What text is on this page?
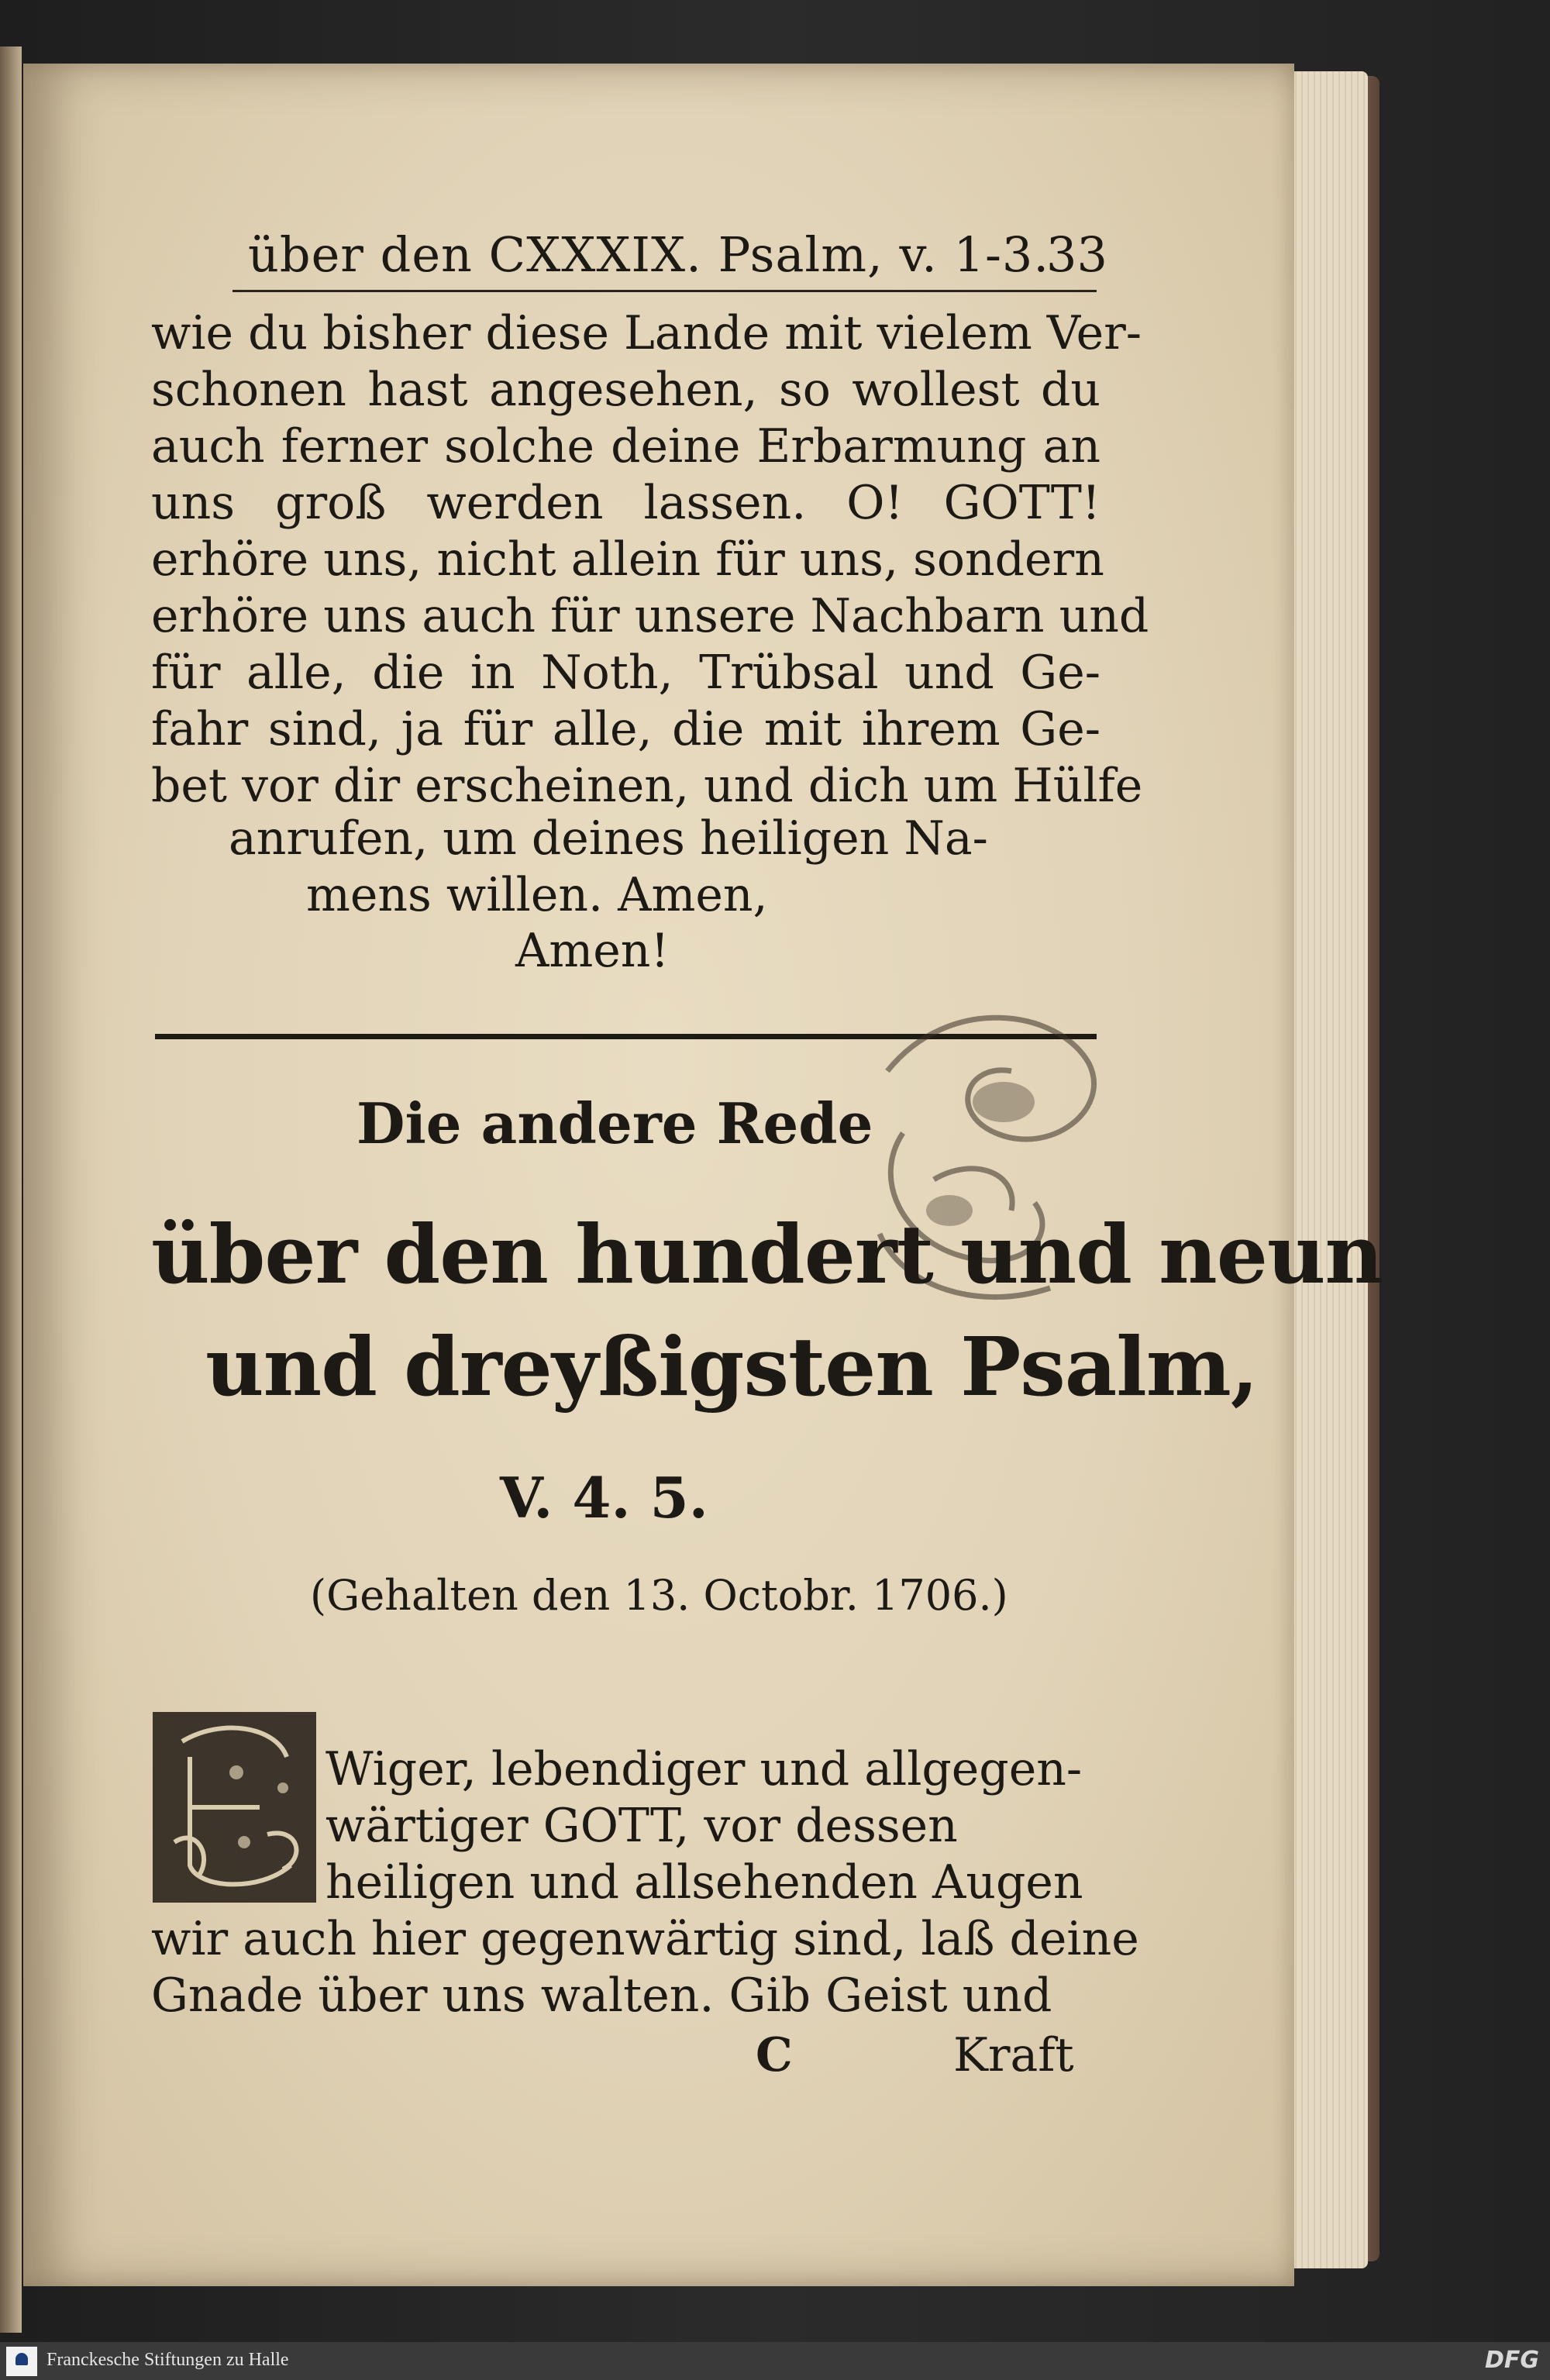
über den CXXXIX. Psalm, v. 1-3.
33
wie du bisher diese Lande mit vielem Ver-
schonen hast angesehen, so wollest du
auch ferner solche deine Erbarmung an
uns groß werden lassen. O! GOTT!
erhöre uns, nicht allein für uns, sondern
erhöre uns auch für unsere Nachbarn und
für alle, die in Noth, Trübsal und Ge-
fahr sind, ja für alle, die mit ihrem Ge-
bet vor dir erscheinen, und dich um Hülfe
anrufen, um deines heiligen Na-
mens willen. Amen,
Amen!
Die andere Rede
über den hundert und neun
und dreyßigsten Psalm,
V. 4. 5.
(Gehalten den 13. Octobr. 1706.)
Wiger, lebendiger und allgegen-
wärtiger GOTT, vor dessen
heiligen und allsehenden Augen
wir auch hier gegenwärtig sind, laß deine
Gnade über uns walten. Gib Geist und
C	Kraft
Franckesche Stiftungen zu Halle	DFG
